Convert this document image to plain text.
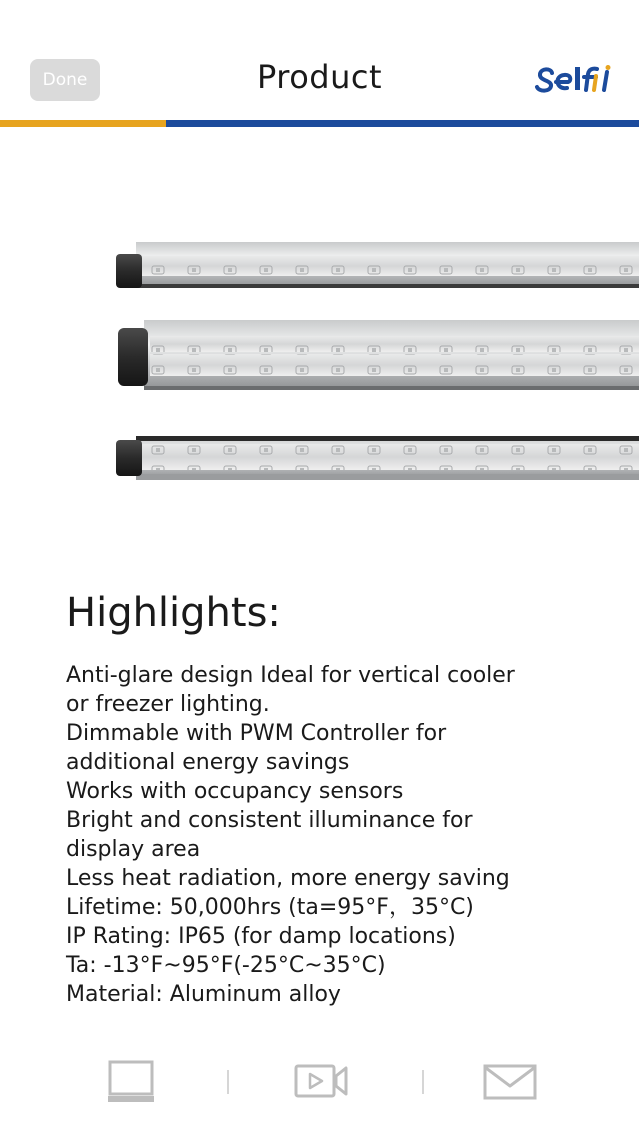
Done	Product
Highlights:
Anti-glare design Ideal for vertical cooler
or freezer lighting.
Dimmable with PWM Controller for
additional energy savings
Works with occupancy sensors
Bright and consistent illuminance for
display area
Less heat radiation, more energy saving
Lifetime: 50,000hrs (ta=95°F，35°C)
IP Rating: IP65 (for damp locations)
Ta: -13°F~95°F(-25°C~35°C)
Material: Aluminum alloy
